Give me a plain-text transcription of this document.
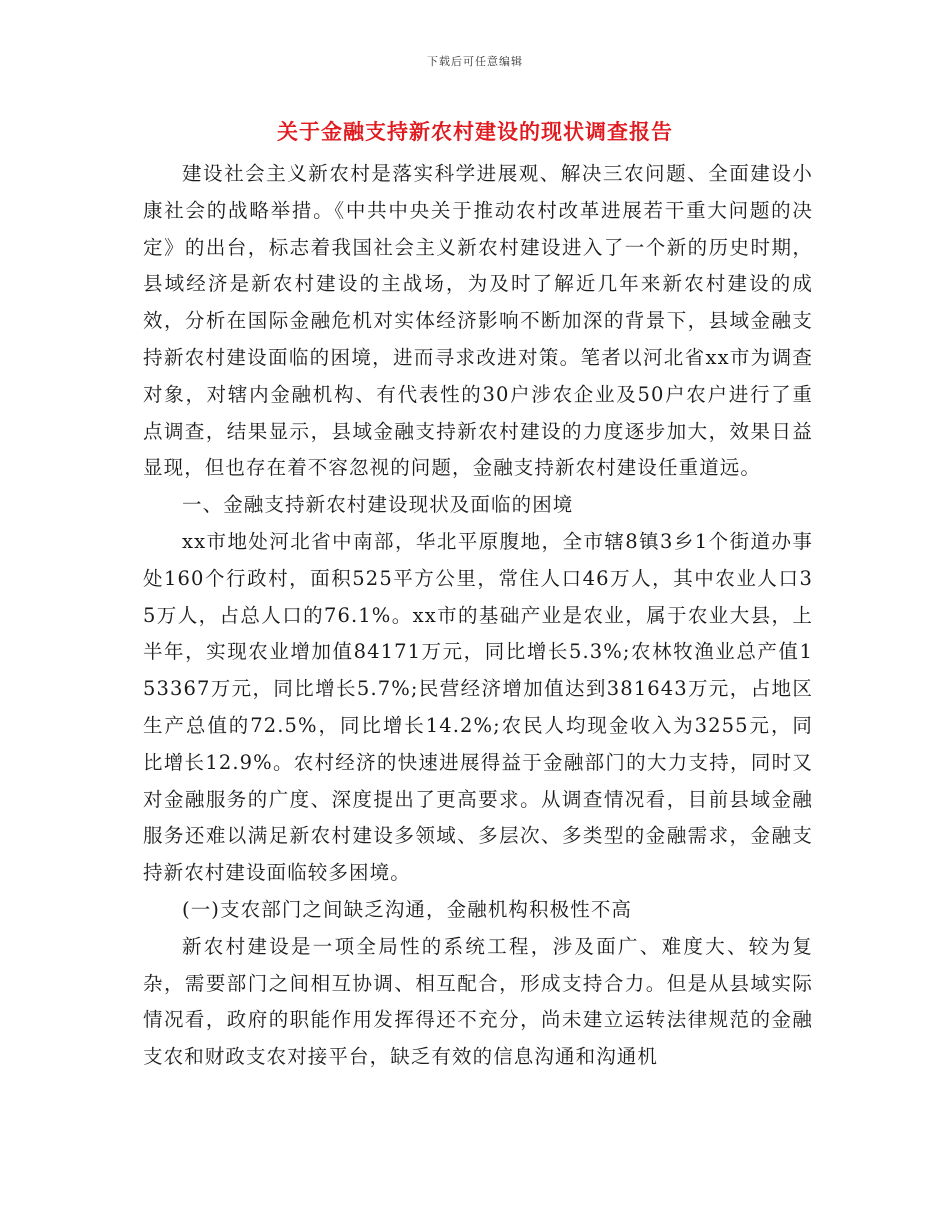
下载后可任意编辑
关于金融支持新农村建设的现状调查报告

建设社会主义新农村是落实科学进展观、解决三农问题、全面建设小康社会的战略举措。《中共中央关于推动农村改革进展若干重大问题的决定》的出台，标志着我国社会主义新农村建设进入了一个新的历史时期，县域经济是新农村建设的主战场，为及时了解近几年来新农村建设的成效，分析在国际金融危机对实体经济影响不断加深的背景下，县域金融支持新农村建设面临的困境，进而寻求改进对策。笔者以河北省xx市为调查对象，对辖内金融机构、有代表性的30户涉农企业及50户农户进行了重点调查，结果显示，县域金融支持新农村建设的力度逐步加大，效果日益显现，但也存在着不容忽视的问题，金融支持新农村建设任重道远。

一、金融支持新农村建设现状及面临的困境

xx市地处河北省中南部，华北平原腹地，全市辖8镇3乡1个街道办事处160个行政村，面积525平方公里，常住人口46万人，其中农业人口35万人，占总人口的76.1%。xx市的基础产业是农业，属于农业大县，上半年，实现农业增加值84171万元，同比增长5.3%;农林牧渔业总产值153367万元，同比增长5.7%;民营经济增加值达到381643万元，占地区生产总值的72.5%，同比增长14.2%;农民人均现金收入为3255元，同比增长12.9%。农村经济的快速进展得益于金融部门的大力支持，同时又对金融服务的广度、深度提出了更高要求。从调查情况看，目前县域金融服务还难以满足新农村建设多领域、多层次、多类型的金融需求，金融支持新农村建设面临较多困境。

(一)支农部门之间缺乏沟通，金融机构积极性不高

新农村建设是一项全局性的系统工程，涉及面广、难度大、较为复杂，需要部门之间相互协调、相互配合，形成支持合力。但是从县域实际情况看，政府的职能作用发挥得还不充分，尚未建立运转法律规范的金融支农和财政支农对接平台，缺乏有效的信息沟通和沟通机
